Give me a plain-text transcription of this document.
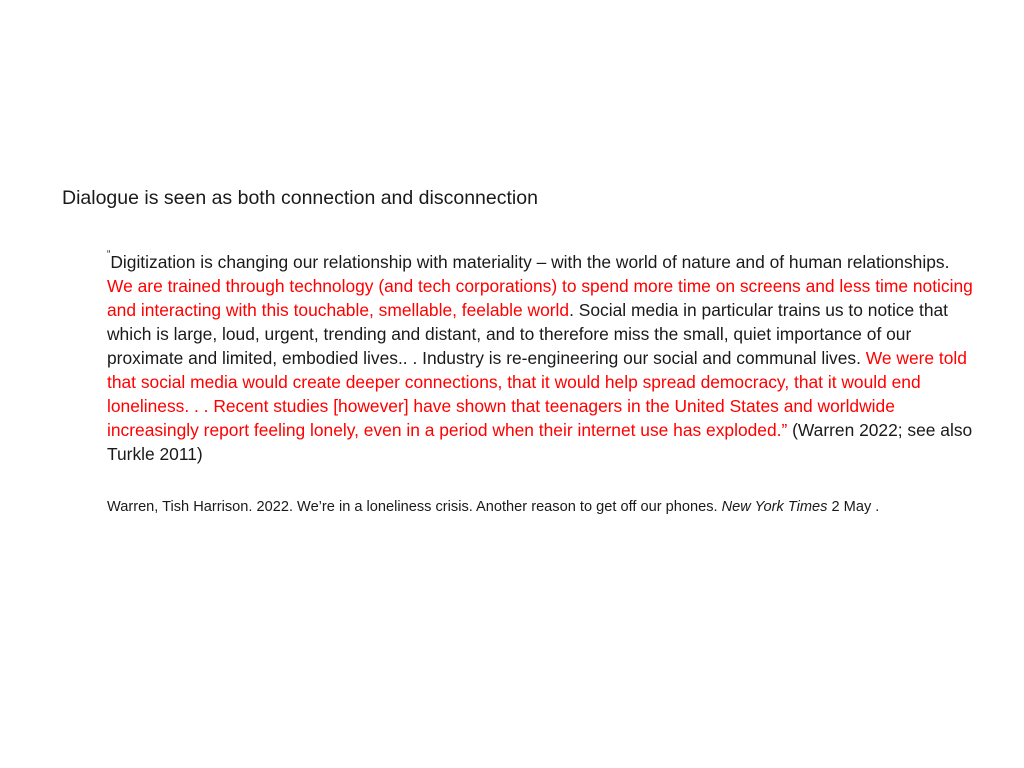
Dialogue is seen as both connection and disconnection

“Digitization is changing our relationship with materiality – with the world of nature and of human relationships. We are trained through technology (and tech corporations) to spend more time on screens and less time noticing and interacting with this touchable, smellable, feelable world. Social media in particular trains us to notice that which is large, loud, urgent, trending and distant, and to therefore miss the small, quiet importance of our proximate and limited, embodied lives.. . Industry is re-engineering our social and communal lives. We were told that social media would create deeper connections, that it would help spread democracy, that it would end loneliness. . . Recent studies [however] have shown that teenagers in the United States and worldwide increasingly report feeling lonely, even in a period when their internet use has exploded.” (Warren 2022; see also Turkle 2011)

Warren, Tish Harrison. 2022. We’re in a loneliness crisis. Another reason to get off our phones. New York Times 2 May .
